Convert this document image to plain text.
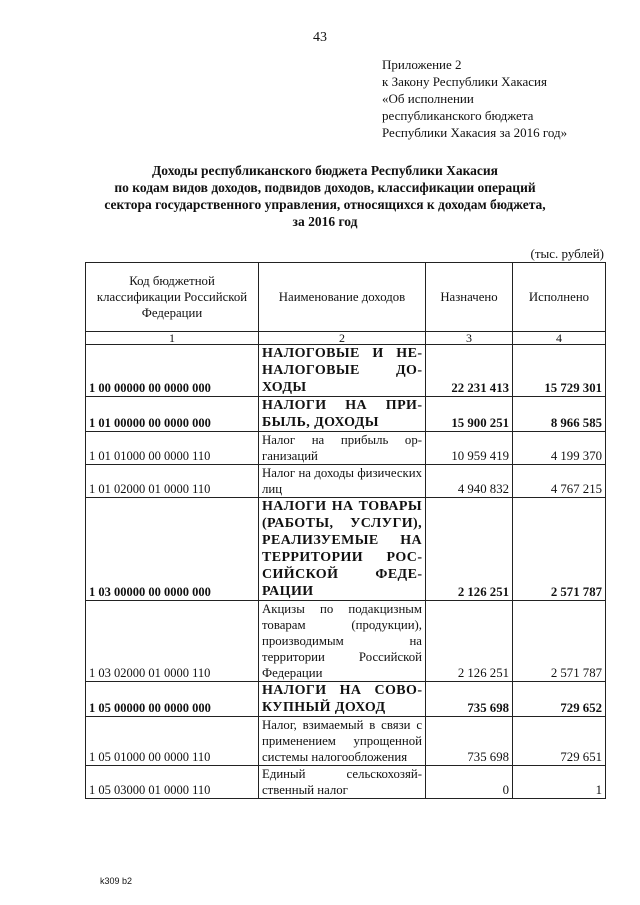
43
Приложение 2
к Закону Республики Хакасия
«Об исполнении
республиканского бюджета
Республики Хакасия за 2016 год»
Доходы республиканского бюджета Республики Хакасия
по кодам видов доходов, подвидов доходов, классификации операций
сектора государственного управления, относящихся к доходам бюджета,
за 2016 год
(тыс. рублей)
Код бюджетной классификации Российской Федерации	Наименование доходов	Назначено	Исполнено
1	2	3	4
1 00 00000 00 0000 000	НАЛОГОВЫЕ И НЕНАЛОГОВЫЕ ДОХОДЫ	22 231 413	15 729 301
1 01 00000 00 0000 000	НАЛОГИ НА ПРИБЫЛЬ, ДОХОДЫ	15 900 251	8 966 585
1 01 01000 00 0000 110	Налог на прибыль организаций	10 959 419	4 199 370
1 01 02000 01 0000 110	Налог на доходы физических лиц	4 940 832	4 767 215
1 03 00000 00 0000 000	НАЛОГИ НА ТОВАРЫ (РАБОТЫ, УСЛУГИ), РЕАЛИЗУЕМЫЕ НА ТЕРРИТОРИИ РОССИЙСКОЙ ФЕДЕРАЦИИ	2 126 251	2 571 787
1 03 02000 01 0000 110	Акцизы по подакцизным товарам (продукции), производимым на территории Российской Федерации	2 126 251	2 571 787
1 05 00000 00 0000 000	НАЛОГИ НА СОВОКУПНЫЙ ДОХОД	735 698	729 652
1 05 01000 00 0000 110	Налог, взимаемый в связи с применением упрощенной системы налогообложения	735 698	729 651
1 05 03000 01 0000 110	Единый сельскохозяйственный налог	0	1
k309 b2
